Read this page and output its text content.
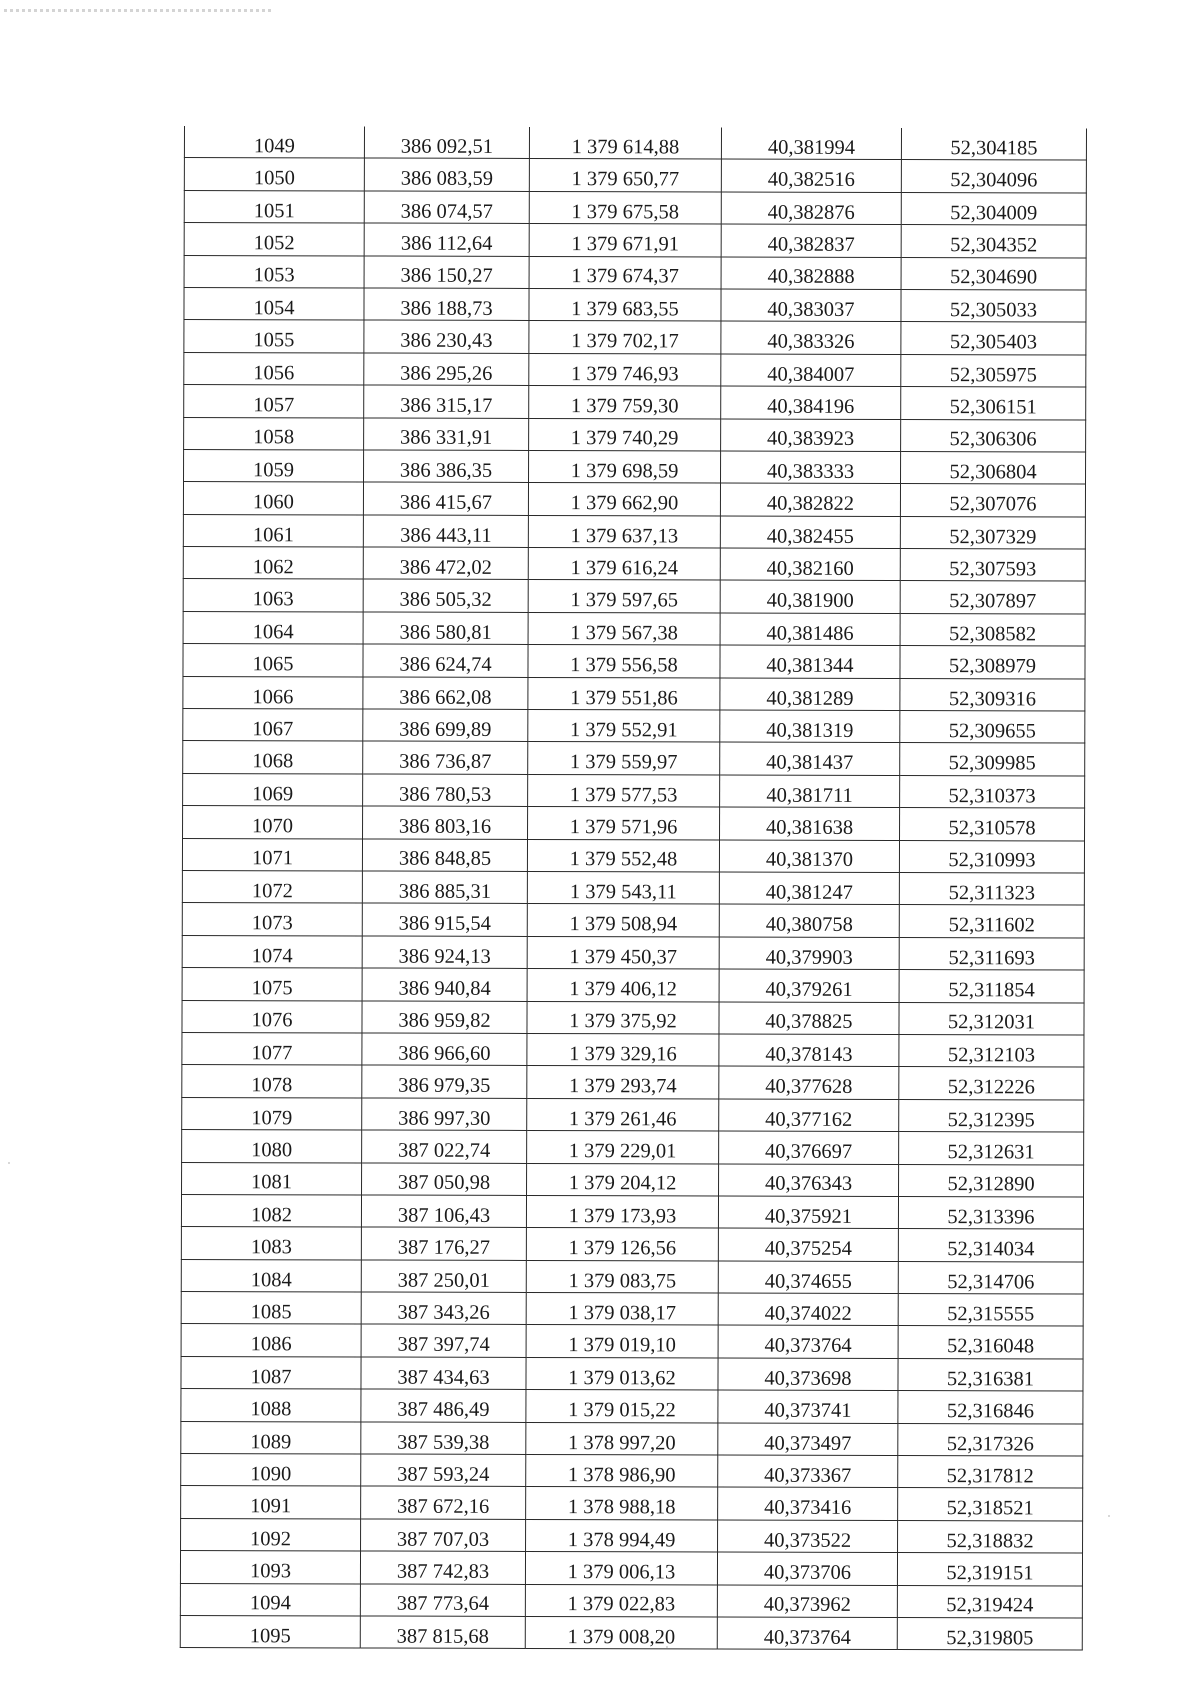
1049	386 092,51	1 379 614,88	40,381994	52,304185
1050	386 083,59	1 379 650,77	40,382516	52,304096
1051	386 074,57	1 379 675,58	40,382876	52,304009
1052	386 112,64	1 379 671,91	40,382837	52,304352
1053	386 150,27	1 379 674,37	40,382888	52,304690
1054	386 188,73	1 379 683,55	40,383037	52,305033
1055	386 230,43	1 379 702,17	40,383326	52,305403
1056	386 295,26	1 379 746,93	40,384007	52,305975
1057	386 315,17	1 379 759,30	40,384196	52,306151
1058	386 331,91	1 379 740,29	40,383923	52,306306
1059	386 386,35	1 379 698,59	40,383333	52,306804
1060	386 415,67	1 379 662,90	40,382822	52,307076
1061	386 443,11	1 379 637,13	40,382455	52,307329
1062	386 472,02	1 379 616,24	40,382160	52,307593
1063	386 505,32	1 379 597,65	40,381900	52,307897
1064	386 580,81	1 379 567,38	40,381486	52,308582
1065	386 624,74	1 379 556,58	40,381344	52,308979
1066	386 662,08	1 379 551,86	40,381289	52,309316
1067	386 699,89	1 379 552,91	40,381319	52,309655
1068	386 736,87	1 379 559,97	40,381437	52,309985
1069	386 780,53	1 379 577,53	40,381711	52,310373
1070	386 803,16	1 379 571,96	40,381638	52,310578
1071	386 848,85	1 379 552,48	40,381370	52,310993
1072	386 885,31	1 379 543,11	40,381247	52,311323
1073	386 915,54	1 379 508,94	40,380758	52,311602
1074	386 924,13	1 379 450,37	40,379903	52,311693
1075	386 940,84	1 379 406,12	40,379261	52,311854
1076	386 959,82	1 379 375,92	40,378825	52,312031
1077	386 966,60	1 379 329,16	40,378143	52,312103
1078	386 979,35	1 379 293,74	40,377628	52,312226
1079	386 997,30	1 379 261,46	40,377162	52,312395
1080	387 022,74	1 379 229,01	40,376697	52,312631
1081	387 050,98	1 379 204,12	40,376343	52,312890
1082	387 106,43	1 379 173,93	40,375921	52,313396
1083	387 176,27	1 379 126,56	40,375254	52,314034
1084	387 250,01	1 379 083,75	40,374655	52,314706
1085	387 343,26	1 379 038,17	40,374022	52,315555
1086	387 397,74	1 379 019,10	40,373764	52,316048
1087	387 434,63	1 379 013,62	40,373698	52,316381
1088	387 486,49	1 379 015,22	40,373741	52,316846
1089	387 539,38	1 378 997,20	40,373497	52,317326
1090	387 593,24	1 378 986,90	40,373367	52,317812
1091	387 672,16	1 378 988,18	40,373416	52,318521
1092	387 707,03	1 378 994,49	40,373522	52,318832
1093	387 742,83	1 379 006,13	40,373706	52,319151
1094	387 773,64	1 379 022,83	40,373962	52,319424
1095	387 815,68	1 379 008,20	40,373764	52,319805
